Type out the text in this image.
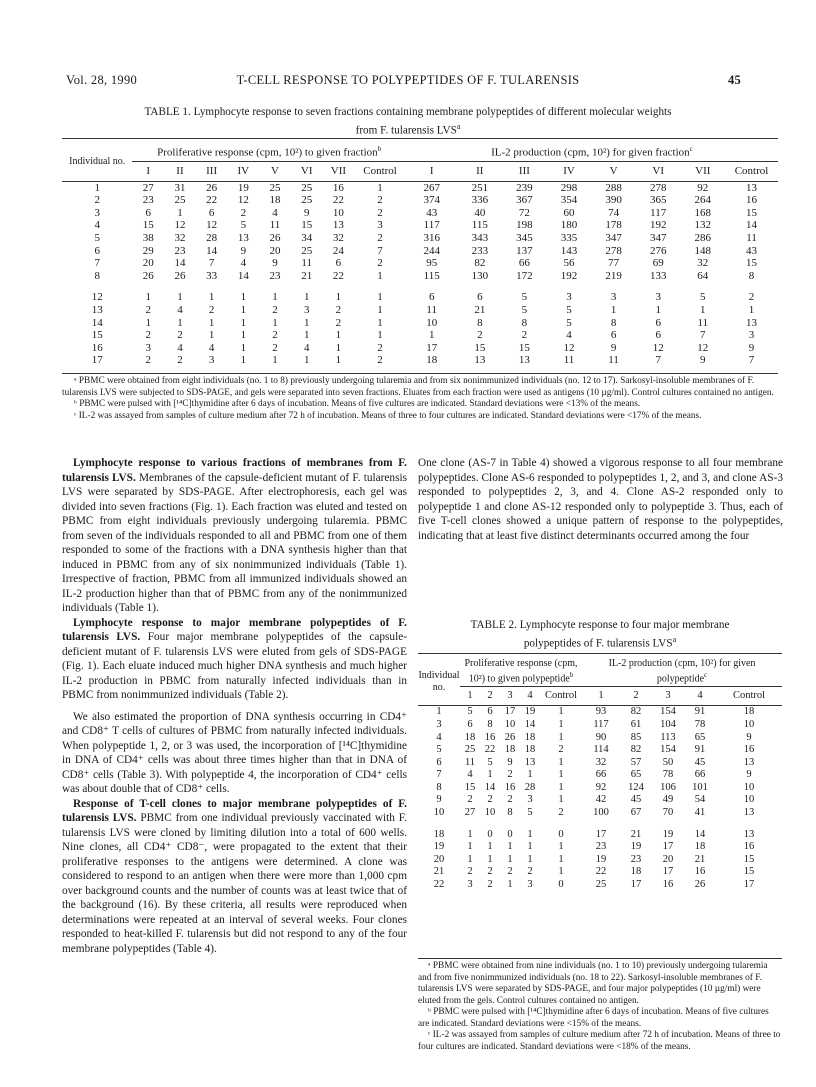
Vol. 28, 1990	T-CELL RESPONSE TO POLYPEPTIDES OF F. TULARENSIS	45
TABLE 1. Lymphocyte response to seven fractions containing membrane polypeptides of different molecular weights
from F. tularensis LVS$^a$
Individual no.	Proliferative response (cpm, 10²) to given fraction$^b$								IL-2 production (cpm, 10²) for given fraction$^c$
	I	II	III	IV	V	VI	VII	Control	I	II	III	IV	V	VI	VII	Control
1	27	31	26	19	25	25	16	1	267	251	239	298	288	278	92	13
2	23	25	22	12	18	25	22	2	374	336	367	354	390	365	264	16
3	6	1	6	2	4	9	10	2	43	40	72	60	74	117	168	15
4	15	12	12	5	11	15	13	3	117	115	198	180	178	192	132	14
5	38	32	28	13	26	34	32	2	316	343	345	335	347	347	286	11
6	29	23	14	9	20	25	24	7	244	233	137	143	278	276	148	43
7	20	14	7	4	9	11	6	2	95	82	66	56	77	69	32	15
8	26	26	33	14	23	21	22	1	115	130	172	192	219	133	64	8

12	1	1	1	1	1	1	1	1	6	6	5	3	3	3	5	2
13	2	4	2	1	2	3	2	1	11	21	5	5	1	1	1	1
14	1	1	1	1	1	1	2	1	10	8	8	5	8	6	11	13
15	2	2	1	1	2	1	1	1	1	2	2	4	6	6	7	3
16	3	4	4	1	2	4	1	2	17	15	15	12	9	12	12	9
17	2	2	3	1	1	1	1	2	18	13	13	11	11	7	9	7
ᵃ PBMC were obtained from eight individuals (no. 1 to 8) previously undergoing tularemia and from six nonimmunized individuals (no. 12 to 17). Sarkosyl-insoluble membranes of F. tularensis LVS were subjected to SDS-PAGE, and gels were separated into seven fractions. Eluates from each fraction were used as antigens (10 µg/ml). Control cultures contained no antigen.
ᵇ PBMC were pulsed with [¹⁴C]thymidine after 6 days of incubation. Means of five cultures are indicated. Standard deviations were <13% of the means.
ᶜ IL-2 was assayed from samples of culture medium after 72 h of incubation. Means of three to four cultures are indicated. Standard deviations were <17% of the means.

Lymphocyte response to various fractions of membranes from F. tularensis LVS. Membranes of the capsule-deficient mutant of F. tularensis LVS were separated by SDS-PAGE. After electrophoresis, each gel was divided into seven fractions (Fig. 1). Each fraction was eluted and tested on PBMC from eight individuals previously undergoing tularemia. PBMC from seven of the individuals responded to all and PBMC from one of them responded to some of the fractions with a DNA synthesis higher than that induced in PBMC from any of six nonimmunized individuals (Table 1). Irrespective of fraction, PBMC from all immunized individuals showed an IL-2 production higher than that of PBMC from any of the nonimmunized individuals (Table 1).

Lymphocyte response to major membrane polypeptides of F. tularensis LVS. Four major membrane polypeptides of the capsule-deficient mutant of F. tularensis LVS were eluted from gels of SDS-PAGE (Fig. 1). Each eluate induced much higher DNA synthesis and much higher IL-2 production in PBMC from naturally infected individuals than in PBMC from nonimmunized individuals (Table 2).

We also estimated the proportion of DNA synthesis occurring in CD4⁺ and CD8⁺ T cells of cultures of PBMC from naturally infected individuals. When polypeptide 1, 2, or 3 was used, the incorporation of [¹⁴C]thymidine in DNA of CD4⁺ cells was about three times higher than that in DNA of CD8⁺ cells (Table 3). With polypeptide 4, the incorporation of CD4⁺ cells was about double that of CD8⁺ cells.

Response of T-cell clones to major membrane polypeptides of F. tularensis LVS. PBMC from one individual previously vaccinated with F. tularensis LVS were cloned by limiting dilution into a total of 600 wells. Nine clones, all CD4⁺ CD8⁻, were propagated to the extent that their proliferative responses to the antigens were determined. A clone was considered to respond to an antigen when there were more than 1,000 cpm over background counts and the number of counts was at least twice that of the background (16). By these criteria, all results were reproduced when determinations were repeated at an interval of several weeks. Four clones responded to heat-killed F. tularensis but did not respond to any of the four membrane polypeptides (Table 4).

One clone (AS-7 in Table 4) showed a vigorous response to all four membrane polypeptides. Clone AS-6 responded to polypeptides 1, 2, and 3, and clone AS-3 responded to polypeptides 2, 3, and 4. Clone AS-2 responded only to polypeptide 1 and clone AS-12 responded only to polypeptide 3. Thus, each of five T-cell clones showed a unique pattern of response to the polypeptides, indicating that at least five distinct determinants occurred among the four

TABLE 2. Lymphocyte response to four major membrane
polypeptides of F. tularensis LVS$^a$
Individual no.	Proliferative response (cpm, 10²) to given polypeptide$^b$					IL-2 production (cpm, 10²) for given polypeptide$^c$
	1	2	3	4	Control	1	2	3	4	Control
1	5	6	17	19	1	93	82	154	91	18
3	6	8	10	14	1	117	61	104	78	10
4	18	16	26	18	1	90	85	113	65	9
5	25	22	18	18	2	114	82	154	91	16
6	11	5	9	13	1	32	57	50	45	13
7	4	1	2	1	1	66	65	78	66	9
8	15	14	16	28	1	92	124	106	101	10
9	2	2	2	3	1	42	45	49	54	10
10	27	10	8	5	2	100	67	70	41	13

18	1	0	0	1	0	17	21	19	14	13
19	1	1	1	1	1	23	19	17	18	16
20	1	1	1	1	1	19	23	20	21	15
21	2	2	2	2	1	22	18	17	16	15
22	3	2	1	3	0	25	17	16	26	17
ᵃ PBMC were obtained from nine individuals (no. 1 to 10) previously undergoing tularemia and from five nonimmunized individuals (no. 18 to 22). Sarkosyl-insoluble membranes of F. tularensis LVS were separated by SDS-PAGE, and four major polypeptides (10 µg/ml) were eluted from the gels. Control cultures contained no antigen.
ᵇ PBMC were pulsed with [¹⁴C]thymidine after 6 days of incubation. Means of five cultures are indicated. Standard deviations were <15% of the means.
ᶜ IL-2 was assayed from samples of culture medium after 72 h of incubation. Means of three to four cultures are indicated. Standard deviations were <18% of the means.
